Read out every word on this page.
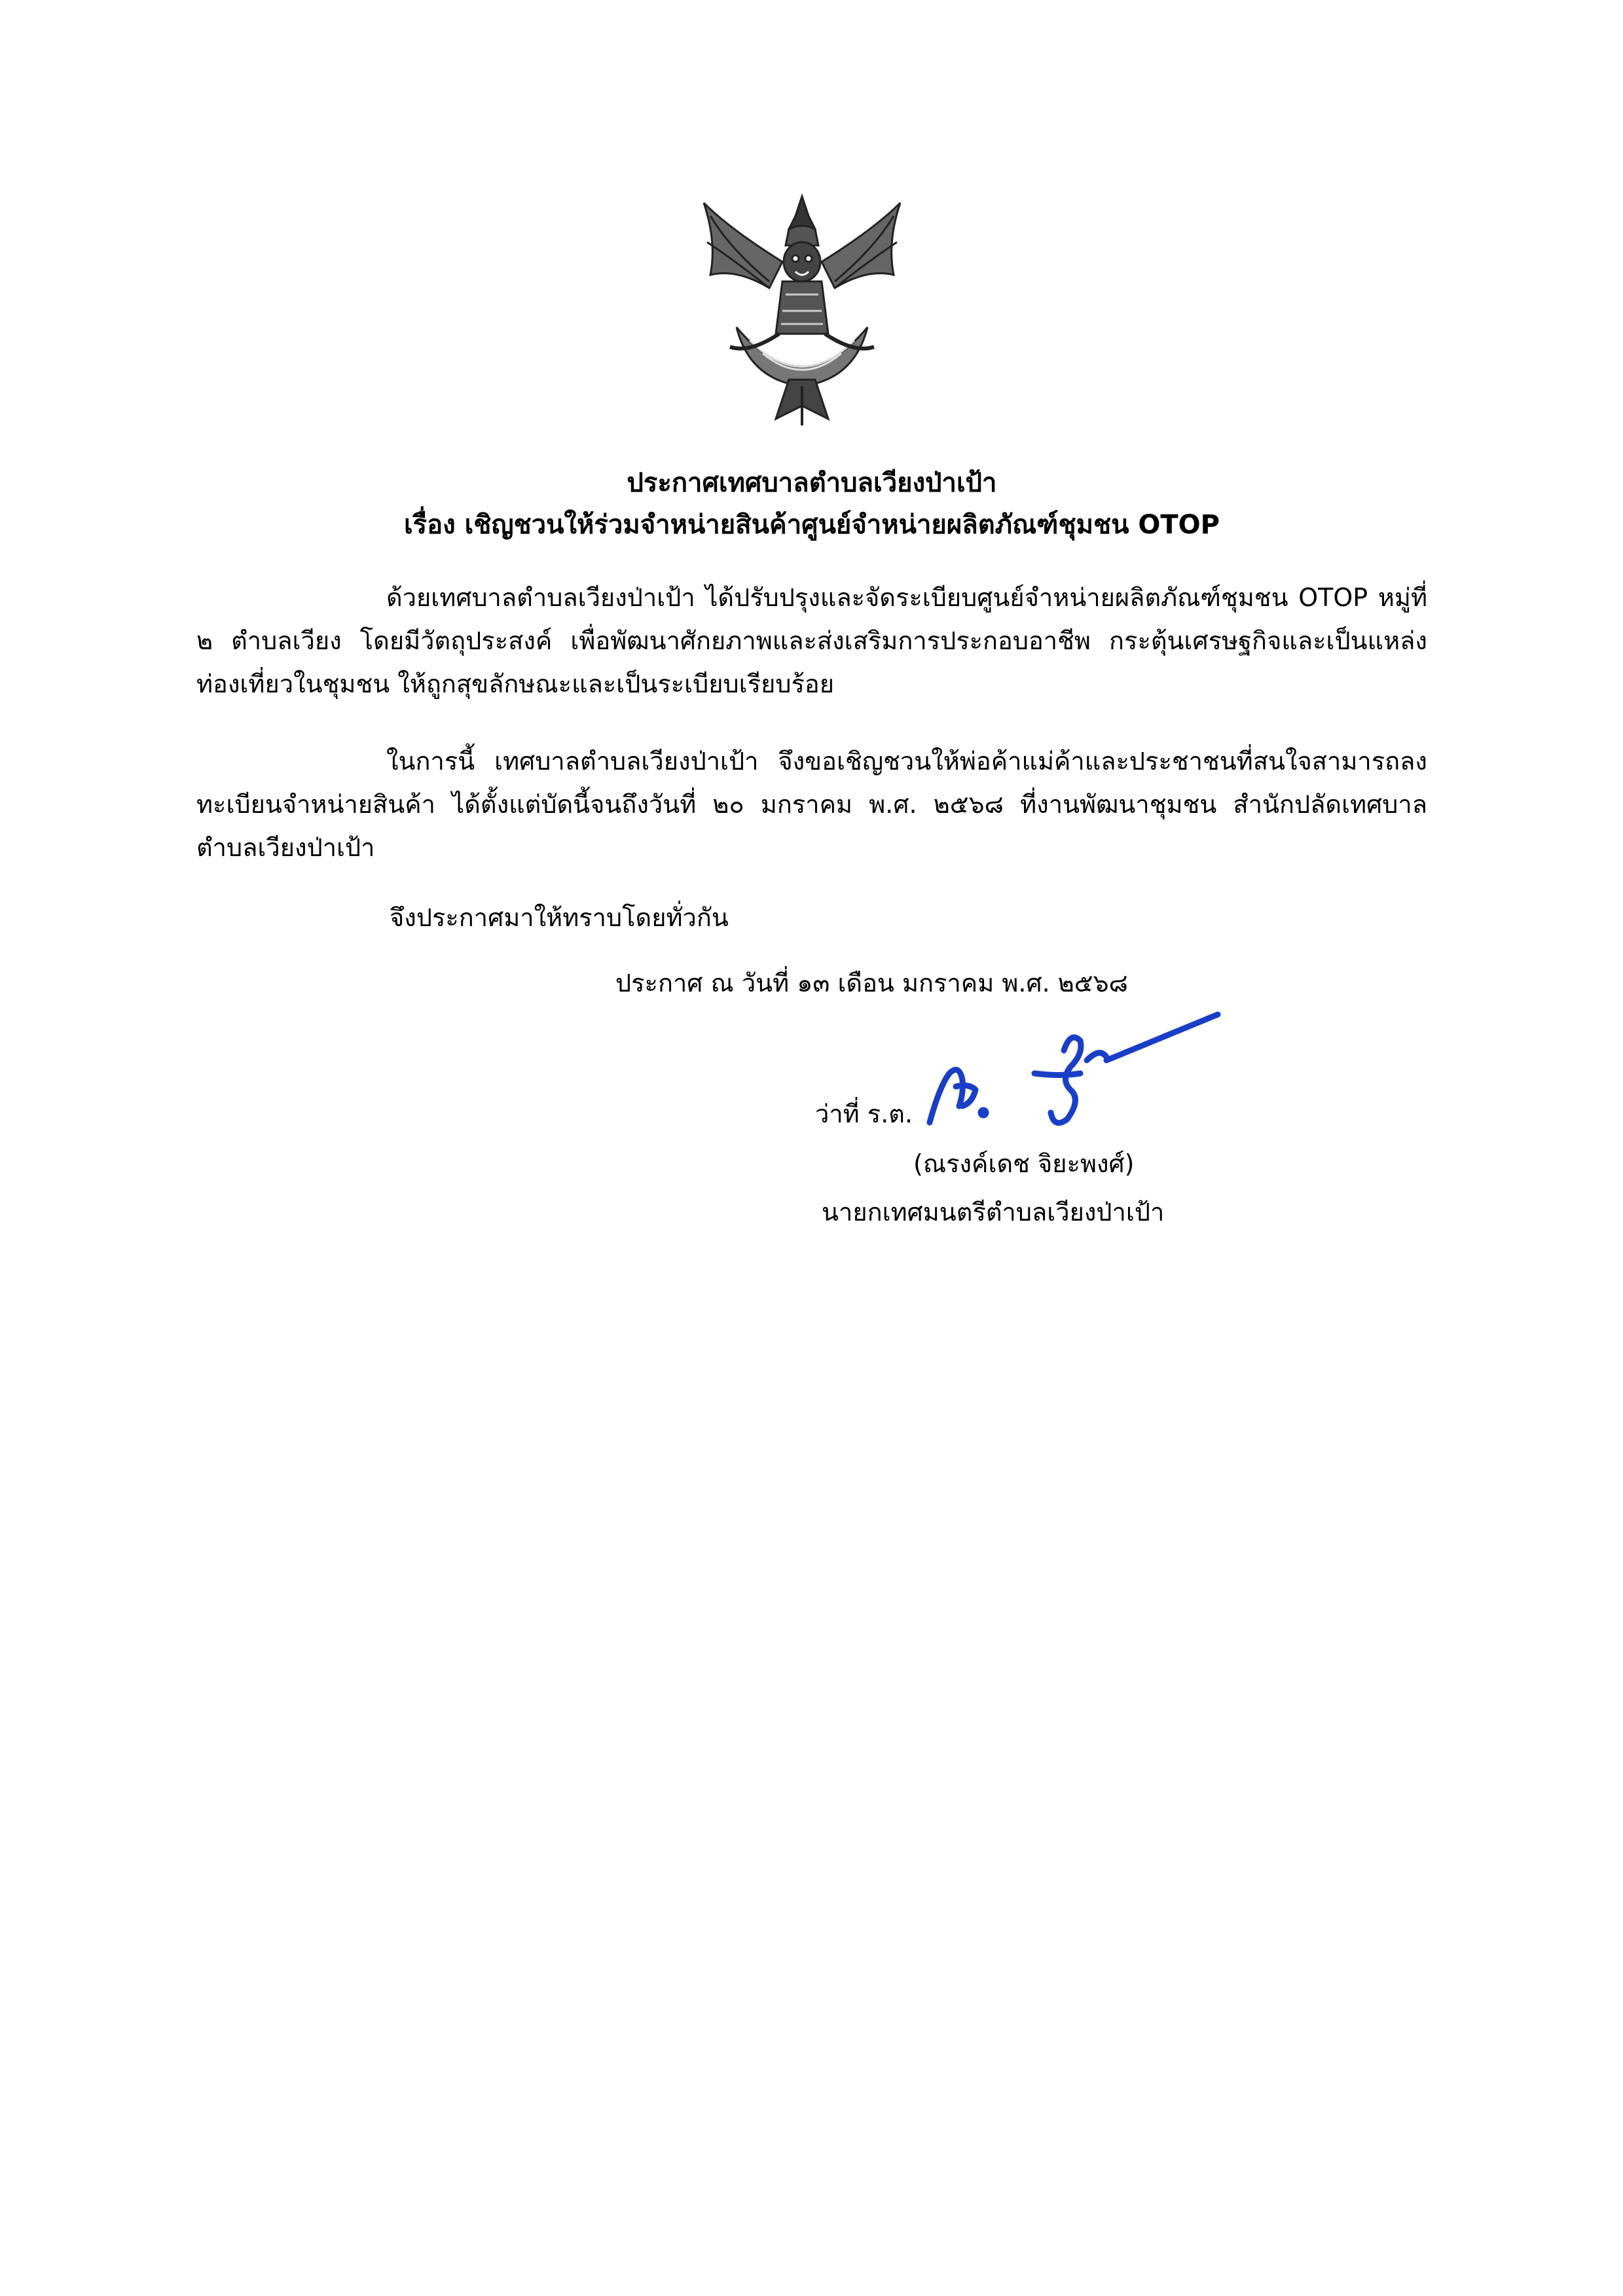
ประกาศเทศบาลตำบลเวียงป่าเป้า
เรื่อง เชิญชวนให้ร่วมจำหน่ายสินค้าศูนย์จำหน่ายผลิตภัณฑ์ชุมชน OTOP
ด้วยเทศบาลตำบลเวียงป่าเป้า ได้ปรับปรุงและจัดระเบียบศูนย์จำหน่ายผลิตภัณฑ์ชุมชน OTOP หมู่ที่ ๒ ตำบลเวียง โดยมีวัตถุประสงค์ เพื่อพัฒนาศักยภาพและส่งเสริมการประกอบอาชีพ กระตุ้นเศรษฐกิจและเป็นแหล่งท่องเที่ยวในชุมชน ให้ถูกสุขลักษณะและเป็นระเบียบเรียบร้อย
ในการนี้ เทศบาลตำบลเวียงป่าเป้า จึงขอเชิญชวนให้พ่อค้าแม่ค้าและประชาชนที่สนใจสามารถลงทะเบียนจำหน่ายสินค้า ได้ตั้งแต่บัดนี้จนถึงวันที่ ๒๐ มกราคม พ.ศ. ๒๕๖๘ ที่งานพัฒนาชุมชน สำนักปลัดเทศบาลตำบลเวียงป่าเป้า
จึงประกาศมาให้ทราบโดยทั่วกัน
ประกาศ ณ วันที่ ๑๓ เดือน มกราคม พ.ศ. ๒๕๖๘
ว่าที่ ร.ต.
(ณรงค์เดช จิยะพงศ์)
นายกเทศมนตรีตำบลเวียงป่าเป้า
